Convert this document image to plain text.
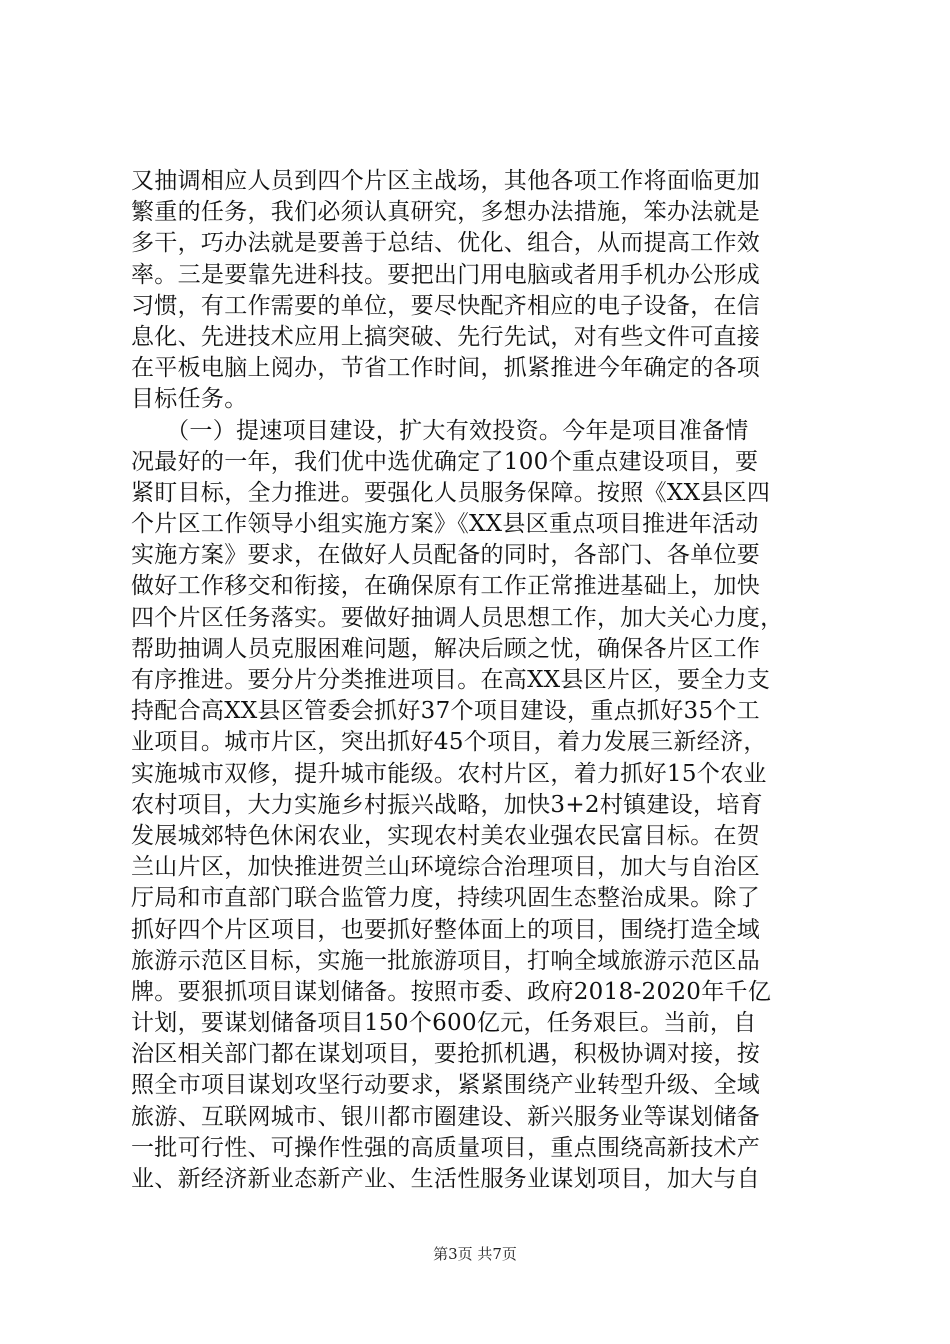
又抽调相应人员到四个片区主战场，其他各项工作将面临更加
繁重的任务，我们必须认真研究，多想办法措施，笨办法就是
多干，巧办法就是要善于总结、优化、组合，从而提高工作效
率。三是要靠先进科技。要把出门用电脑或者用手机办公形成
习惯，有工作需要的单位，要尽快配齐相应的电子设备，在信
息化、先进技术应用上搞突破、先行先试，对有些文件可直接
在平板电脑上阅办，节省工作时间，抓紧推进今年确定的各项
目标任务。
　　（一）提速项目建设，扩大有效投资。今年是项目准备情
况最好的一年，我们优中选优确定了100个重点建设项目，要
紧盯目标，全力推进。要强化人员服务保障。按照《XX县区四
个片区工作领导小组实施方案》《XX县区重点项目推进年活动
实施方案》要求，在做好人员配备的同时，各部门、各单位要
做好工作移交和衔接，在确保原有工作正常推进基础上，加快
四个片区任务落实。要做好抽调人员思想工作，加大关心力度，
帮助抽调人员克服困难问题，解决后顾之忧，确保各片区工作
有序推进。要分片分类推进项目。在高XX县区片区，要全力支
持配合高XX县区管委会抓好37个项目建设，重点抓好35个工
业项目。城市片区，突出抓好45个项目，着力发展三新经济，
实施城市双修，提升城市能级。农村片区，着力抓好15个农业
农村项目，大力实施乡村振兴战略，加快3+2村镇建设，培育
发展城郊特色休闲农业，实现农村美农业强农民富目标。在贺
兰山片区，加快推进贺兰山环境综合治理项目，加大与自治区
厅局和市直部门联合监管力度，持续巩固生态整治成果。除了
抓好四个片区项目，也要抓好整体面上的项目，围绕打造全域
旅游示范区目标，实施一批旅游项目，打响全域旅游示范区品
牌。要狠抓项目谋划储备。按照市委、政府2018-2020年千亿
计划，要谋划储备项目150个600亿元，任务艰巨。当前，自
治区相关部门都在谋划项目，要抢抓机遇，积极协调对接，按
照全市项目谋划攻坚行动要求，紧紧围绕产业转型升级、全域
旅游、互联网城市、银川都市圈建设、新兴服务业等谋划储备
一批可行性、可操作性强的高质量项目，重点围绕高新技术产
业、新经济新业态新产业、生活性服务业谋划项目，加大与自
第3页 共7页
